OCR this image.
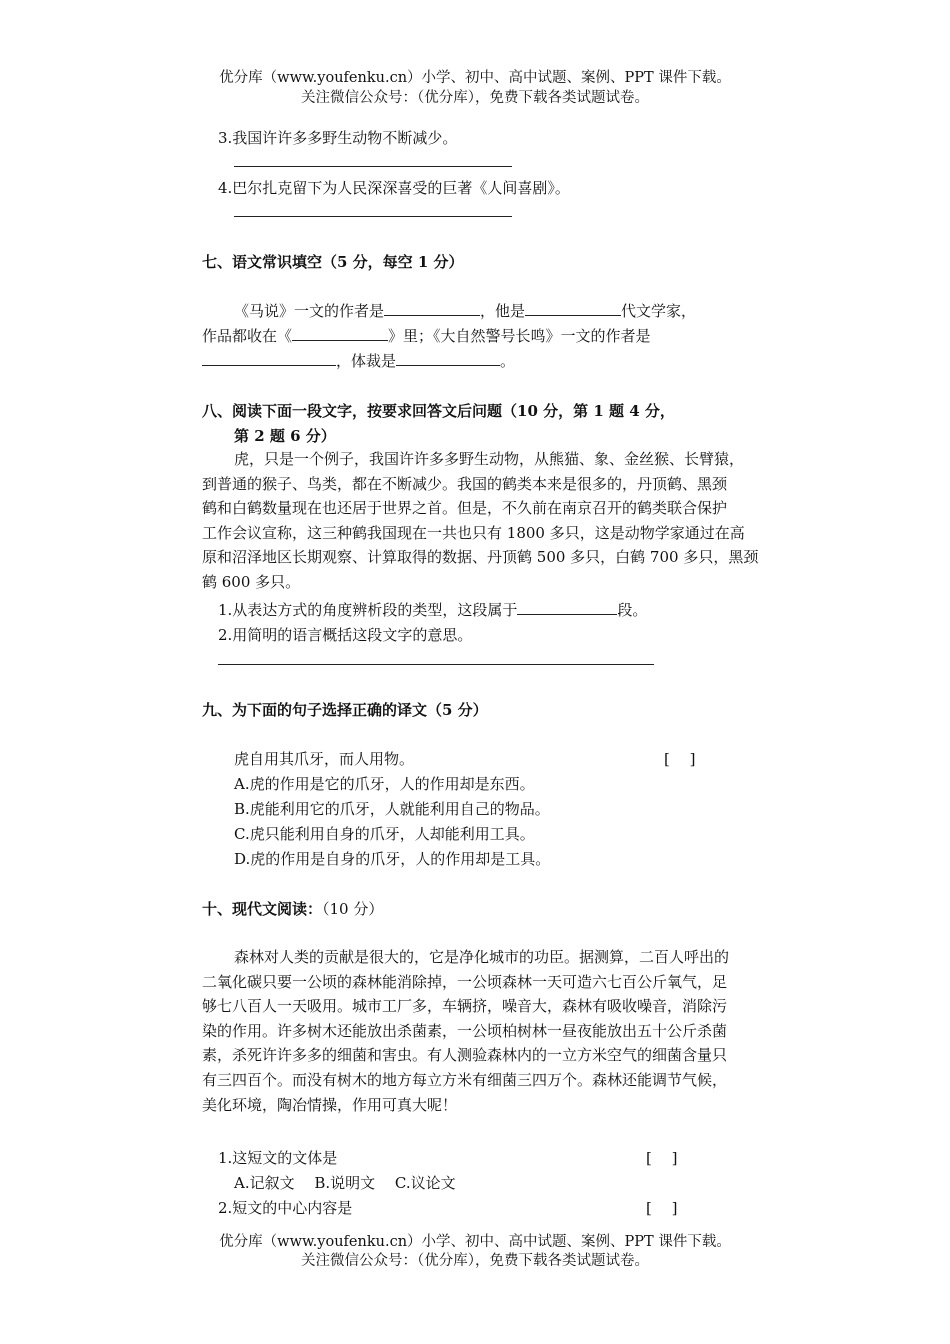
优分库（www.youfenku.cn）小学、初中、高中试题、案例、PPT 课件下载。
关注微信公众号：（优分库），免费下载各类试题试卷。
3.我国许许多多野生动物不断减少。
4.巴尔扎克留下为人民深深喜受的巨著《人间喜剧》。
七、语文常识填空（5 分，每空 1 分）
《马说》一文的作者是	，他是	代文学家，
作品都收在《	》里；《大自然警号长鸣》一文的作者是
，体裁是	。
八、阅读下面一段文字，按要求回答文后问题（10 分，第 1 题 4 分，
第 2 题 6 分）

虎，只是一个例子，我国许许多多野生动物，从熊猫、象、金丝猴、长臂猿，

到普通的猴子、鸟类，都在不断减少。我国的鹤类本来是很多的，丹顶鹤、黑颈

鹤和白鹤数量现在也还居于世界之首。但是，不久前在南京召开的鹤类联合保护

工作会议宣称，这三种鹤我国现在一共也只有 1800 多只，这是动物学家通过在高

原和沼泽地区长期观察、计算取得的数据、丹顶鹤 500 多只，白鹤 700 多只，黑颈

鹤 600 多只。

1.从表达方式的角度辨析段的类型，这段属于	段。
2.用简明的语言概括这段文字的意思。
九、为下面的句子选择正确的译文（5 分）
虎自用其爪牙，而人用物。	[　 ]
A.虎的作用是它的爪牙，人的作用却是东西。
B.虎能利用它的爪牙，人就能利用自己的物品。
C.虎只能利用自身的爪牙，人却能利用工具。
D.虎的作用是自身的爪牙，人的作用却是工具。
十、现代文阅读：（10 分）

森林对人类的贡献是很大的，它是净化城市的功臣。据测算，二百人呼出的

二氧化碳只要一公顷的森林能消除掉，一公顷森林一天可造六七百公斤氧气，足

够七八百人一天吸用。城市工厂多，车辆挤，噪音大，森林有吸收噪音，消除污

染的作用。许多树木还能放出杀菌素，一公顷柏树林一昼夜能放出五十公斤杀菌

素，杀死许许多多的细菌和害虫。有人测验森林内的一立方米空气的细菌含量只

有三四百个。而没有树木的地方每立方米有细菌三四万个。森林还能调节气候，

美化环境，陶冶情操，作用可真大呢！

1.这短文的文体是	[　 ]
A.记叙文　 B.说明文　 C.议论文
2.短文的中心内容是	[　 ]
优分库（www.youfenku.cn）小学、初中、高中试题、案例、PPT 课件下载。
关注微信公众号：（优分库），免费下载各类试题试卷。
